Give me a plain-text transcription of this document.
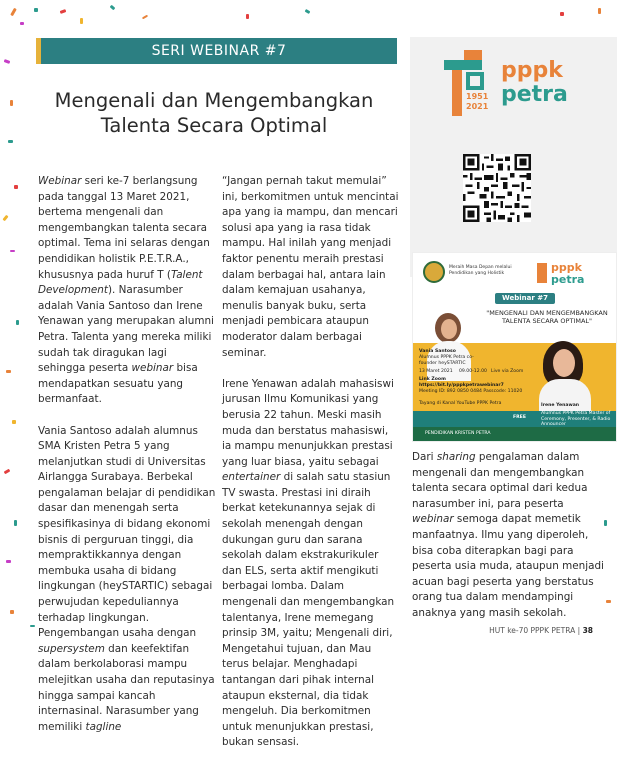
SERI WEBINAR #7
Mengenali dan Mengembangkan Talenta Secara Optimal

Webinar seri ke-7 berlangsung pada tanggal 13 Maret 2021, bertema mengenali dan mengembangkan talenta secara optimal. Tema ini selaras dengan pendidikan holistik P.E.T.R.A., khususnya pada huruf T (Talent Development). Narasumber adalah Vania Santoso dan Irene Yenawan yang merupakan alumni Petra. Talenta yang mereka miliki sudah tak diragukan lagi sehingga peserta webinar bisa mendapatkan sesuatu yang bermanfaat.

Vania Santoso adalah alumnus SMA Kristen Petra 5 yang melanjutkan studi di Universitas Airlangga Surabaya. Berbekal pengalaman belajar di pendidikan dasar dan menengah serta spesifikasinya di bidang ekonomi bisnis di perguruan tinggi, dia mempraktikkannya dengan membuka usaha di bidang lingkungan (heySTARTIC) sebagai perwujudan kepeduliannya terhadap lingkungan. Pengembangan usaha dengan supersystem dan keefektifan dalam berkolaborasi mampu melejitkan usaha dan reputasinya hingga sampai kancah internasinal. Narasumber yang memiliki tagline

“Jangan pernah takut memulai” ini, berkomitmen untuk mencintai apa yang ia mampu, dan mencari solusi apa yang ia rasa tidak mampu. Hal inilah yang menjadi faktor penentu meraih prestasi dalam berbagai hal, antara lain dalam kemajuan usahanya, menulis banyak buku, serta menjadi pembicara ataupun moderator dalam berbagai seminar.

Irene Yenawan adalah mahasiswi jurusan Ilmu Komunikasi yang berusia 22 tahun. Meski masih muda dan berstatus mahasiswi, ia mampu menunjukkan prestasi yang luar biasa, yaitu sebagai entertainer di salah satu stasiun TV swasta. Prestasi ini diraih berkat ketekunannya sejak di sekolah menengah dengan dukungan guru dan sarana sekolah dalam ekstrakurikuler dan ELS, serta aktif mengikuti berbagai lomba. Dalam mengenali dan mengembangkan talentanya, Irene memegang prinsip 3M, yaitu; Mengenali diri, Mengetahui tujuan, dan Mau terus belajar. Menghadapi tantangan dari pihak internal ataupun eksternal, dia tidak mengeluh. Dia berkomitmen untuk menunjukkan prestasi, bukan sensasi.

1951
2021
pppk
petra
Meraih Masa Depan melalui Pendidikan yang Holistik	pppk
petra
Webinar #7
"MENGENALI DAN MENGEMBANGKAN TALENTA SECARA OPTIMAL"
Vania Santoso
Alumnus PPPK Petra co-founder heySTARTIC
13 Maret 2021 09.00-12.00 Live via Zoom
Link Zoom
https://bit.ly/pppkpetrawebinar7
Meeting ID: 892 0850 0484 Passcode: 11020
Tayang di Kanal YouTube PPPK Petra	Irene Yenawan
Alumnus PPPK Petra Master of Ceremony, Presenter, & Radio Announcer
FREE
PENDIDIKAN KRISTEN PETRA

Dari sharing pengalaman dalam mengenali dan mengembangkan talenta secara optimal dari kedua narasumber ini, para peserta webinar semoga dapat memetik manfaatnya. Ilmu yang diperoleh, bisa coba diterapkan bagi para peserta usia muda, ataupun menjadi acuan bagi peserta yang berstatus orang tua dalam mendampingi anaknya yang masih sekolah.

HUT ke-70 PPPK PETRA | 38
